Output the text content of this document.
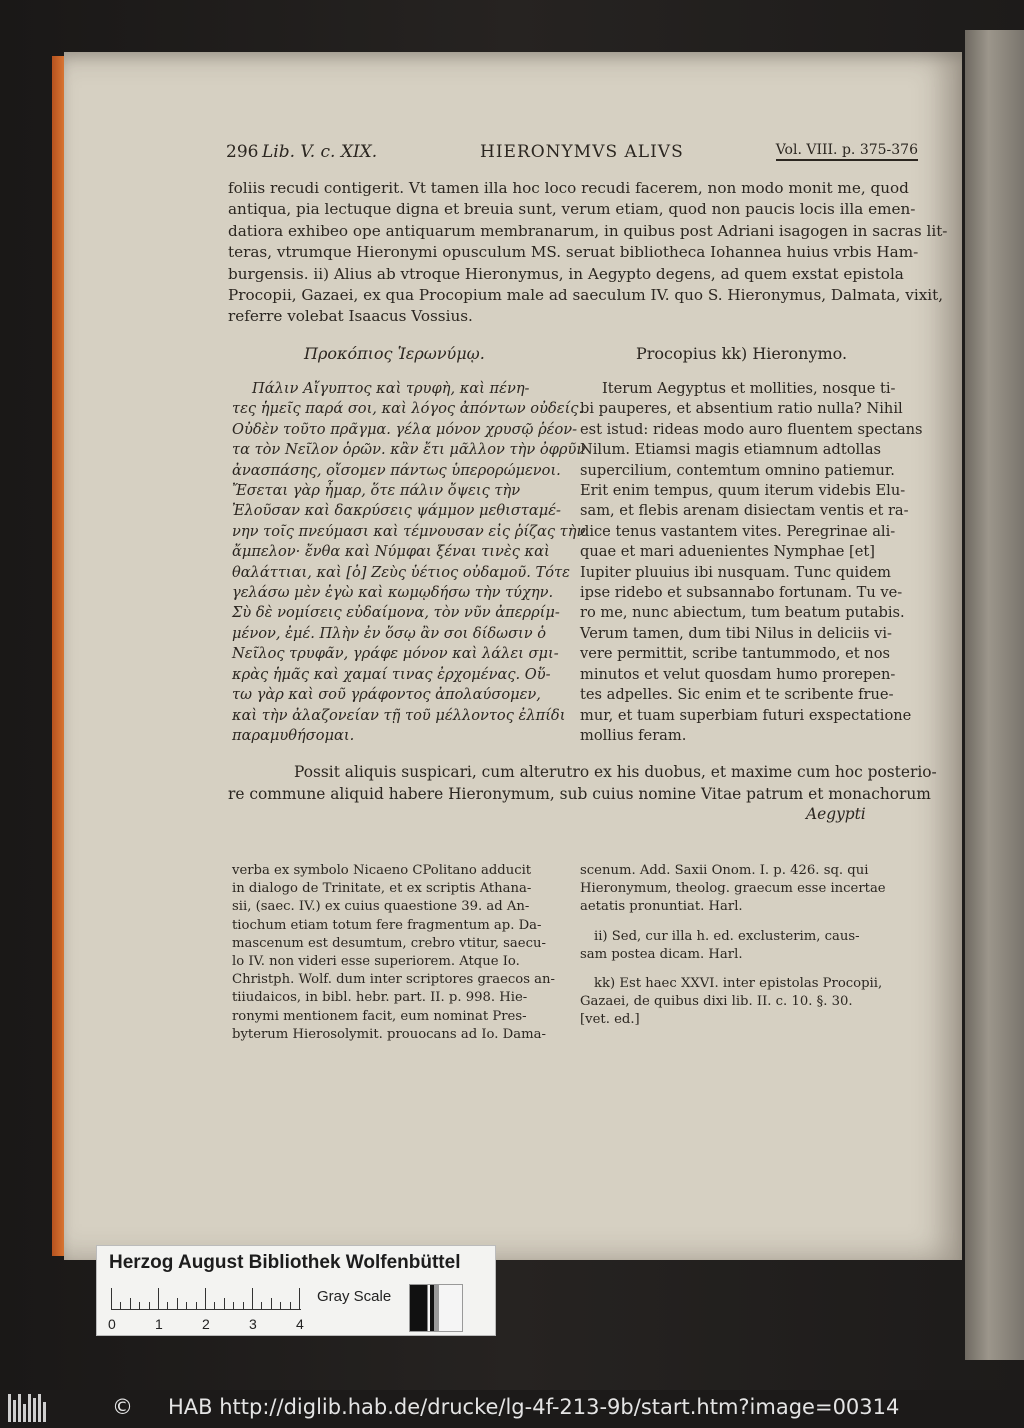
296 Lib. V. c. XIX.	HIERONYMVS ALIVS	Vol. VIII. p. 375-376
foliis recudi contigerit. Vt tamen illa hoc loco recudi facerem, non modo monit me, quod
antiqua, pia lectuque digna et breuia sunt, verum etiam, quod non paucis locis illa emen-
datiora exhibeo ope antiquarum membranarum, in quibus post Adriani isagogen in sacras lit-
teras, vtrumque Hieronymi opusculum MS. seruat bibliotheca Iohannea huius vrbis Ham-
burgensis. ii) Alius ab vtroque Hieronymus, in Aegypto degens, ad quem exstat epistola
Procopii, Gazaei, ex qua Procopium male ad saeculum IV. quo S. Hieronymus, Dalmata, vixit,
referre volebat Isaacus Vossius.
Προκόπιος Ἱερωνύμῳ.	Procopius kk) Hieronymo.
Πάλιν Αἴγυπτος καὶ τρυφὴ, καὶ πένη-
τες ἡμεῖς παρά σοι, καὶ λόγος ἀπόντων οὐδείς.
Οὐδὲν τοῦτο πρᾶγμα. γέλα μόνον χρυσῷ ῥέον-
τα τὸν Νεῖλον ὁρῶν. κἂν ἔτι μᾶλλον τὴν ὀφρῦν
ἀνασπάσης, οἴσομεν πάντως ὑπερορώμενοι.
Ἔσεται γὰρ ἦμαρ, ὅτε πάλιν ὄψεις τὴν
Ἐλοῦσαν καὶ δακρύσεις ψάμμον μεθισταμέ-
νην τοῖς πνεύμασι καὶ τέμνουσαν εἰς ῥίζας τὴν
ἄμπελον· ἔνθα καὶ Νύμφαι ξέναι τινὲς καὶ
θαλάττιαι, καὶ [ὁ] Ζεὺς ὑέτιος οὐδαμοῦ. Τότε
γελάσω μὲν ἐγὼ καὶ κωμῳδήσω τὴν τύχην.
Σὺ δὲ νομίσεις εὐδαίμονα, τὸν νῦν ἀπερρίμ-
μένον, ἐμέ. Πλὴν ἐν ὅσῳ ἂν σοι δίδωσιν ὁ
Νεῖλος τρυφᾶν, γράφε μόνον καὶ λάλει σμι-
κρὰς ἡμᾶς καὶ χαμαί τινας ἐρχομένας. Οὕ-
τω γὰρ καὶ σοῦ γράφοντος ἀπολαύσομεν,
καὶ τὴν ἀλαζονείαν τῇ τοῦ μέλλοντος ἐλπίδι
παραμυθήσομαι.
Iterum Aegyptus et mollities, nosque ti-
bi pauperes, et absentium ratio nulla? Nihil
est istud: rideas modo auro fluentem spectans
Nilum. Etiamsi magis etiamnum adtollas
supercilium, contemtum omnino patiemur.
Erit enim tempus, quum iterum videbis Elu-
sam, et flebis arenam disiectam ventis et ra-
dice tenus vastantem vites. Peregrinae ali-
quae et mari aduenientes Nymphae [et]
Iupiter pluuius ibi nusquam. Tunc quidem
ipse ridebo et subsannabo fortunam. Tu ve-
ro me, nunc abiectum, tum beatum putabis.
Verum tamen, dum tibi Nilus in deliciis vi-
vere permittit, scribe tantummodo, et nos
minutos et velut quosdam humo prorepen-
tes adpelles. Sic enim et te scribente frue-
mur, et tuam superbiam futuri exspectatione
mollius feram.
Possit aliquis suspicari, cum alterutro ex his duobus, et maxime cum hoc posterio-
re commune aliquid habere Hieronymum, sub cuius nomine Vitae patrum et monachorum
Aegypti
verba ex symbolo Nicaeno CPolitano adducit
in dialogo de Trinitate, et ex scriptis Athana-
sii, (saec. IV.) ex cuius quaestione 39. ad An-
tiochum etiam totum fere fragmentum ap. Da-
mascenum est desumtum, crebro vtitur, saecu-
lo IV. non videri esse superiorem. Atque Io.
Christph. Wolf. dum inter scriptores graecos an-
tiiudaicos, in bibl. hebr. part. II. p. 998. Hie-
ronymi mentionem facit, eum nominat Pres-
byterum Hierosolymit. prouocans ad Io. Dama-
scenum. Add. Saxii Onom. I. p. 426. sq. qui
Hieronymum, theolog. graecum esse incertae
aetatis pronuntiat. Harl.
ii) Sed, cur illa h. ed. exclusterim, caus-
sam postea dicam. Harl.
kk) Est haec XXVI. inter epistolas Procopii,
Gazaei, de quibus dixi lib. II. c. 10. §. 30.
[vet. ed.]
Herzog August Bibliothek Wolfenbüttel
0	1	2	3	4
Gray Scale
© HAB http://diglib.hab.de/drucke/lg-4f-213-9b/start.htm?image=00314
